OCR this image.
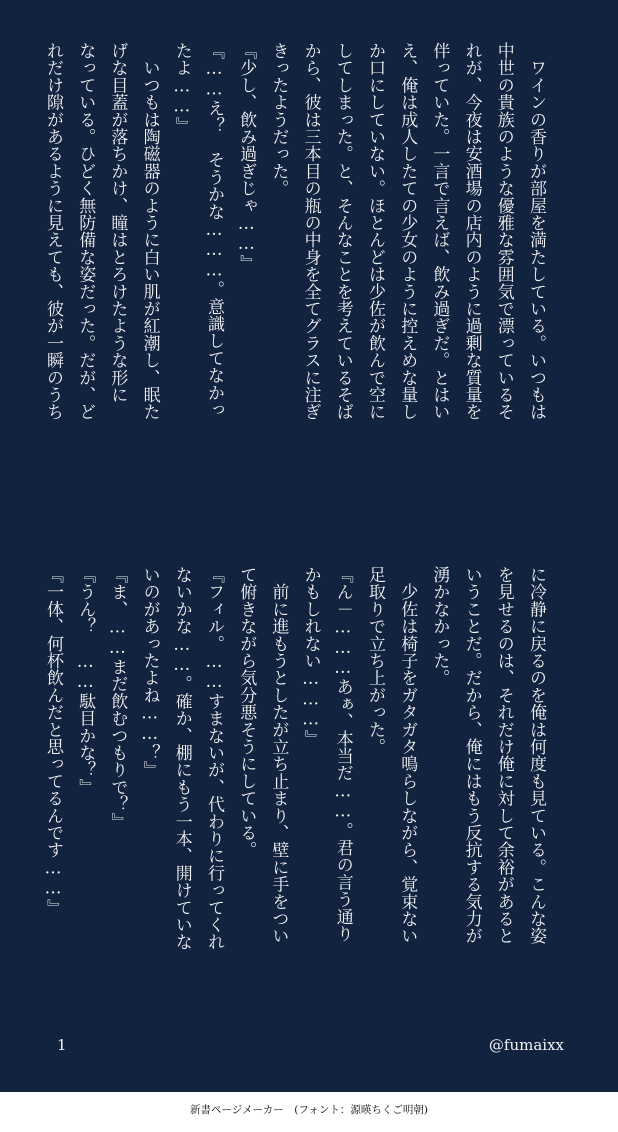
　ワインの香りが部屋を満たしている。いつもは
中世の貴族のような優雅な雰囲気で漂っているそ
れが、今夜は安酒場の店内のように過剰な質量を
伴っていた。一言で言えば、飲み過ぎだ。とはい
え、俺は成人したての少女のように控えめな量し
か口にしていない。ほとんどは少佐が飲んで空に
してしまった。と、そんなことを考えているそば
から、彼は三本目の瓶の中身を全てグラスに注ぎ
きったようだった。
『少し、飲み過ぎじゃ……』
『……え？　そうかな………。意識してなかっ
たよ……』
　いつもは陶磁器のように白い肌が紅潮し、眠た
げな目蓋が落ちかけ、瞳はとろけたような形に
なっている。ひどく無防備な姿だった。だが、ど
れだけ隙があるように見えても、彼が一瞬のうち
に冷静に戻るのを俺は何度も見ている。こんな姿
を見せるのは、それだけ俺に対して余裕があると
いうことだ。だから、俺にはもう反抗する気力が
湧かなかった。
　少佐は椅子をガタガタ鳴らしながら、覚束ない
足取りで立ち上がった。
『ん－………あぁ、本当だ……。君の言う通り
かもしれない………』
　前に進もうとしたが立ち止まり、壁に手をつい
て俯きながら気分悪そうにしている。
『フィル。……すまないが、代わりに行ってくれ
ないかな……。確か、棚にもう一本、開けていな
いのがあったよね……？』
『ま、……まだ飲むつもりで？』
『うん？　……駄目かな？』
『一体、何杯飲んだと思ってるんです……』
1	@fumaixx
新書ページメーカー　(フォント：源暎ちくご明朝)
